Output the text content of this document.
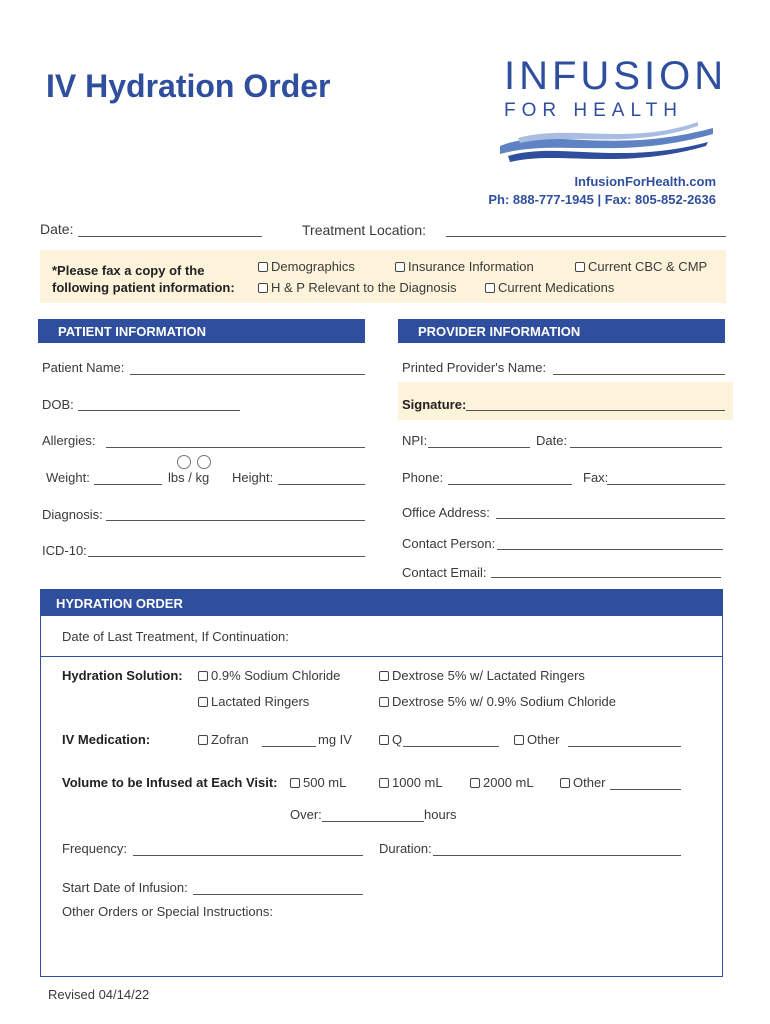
IV Hydration Order	INFUSION
FOR HEALTH
InfusionForHealth.com
Ph: 888-777-1945 | Fax: 805-852-2636
Date:	Treatment Location:
*Please fax a copy of the
following patient information:
Demographics	Insurance Information	Current CBC & CMP
H & P Relevant to the Diagnosis	Current Medications
PATIENT INFORMATION	PROVIDER INFORMATION
Patient Name:
DOB:
Allergies:
Weight:	lbs / kg Height:
Diagnosis:
ICD-10:
Printed Provider's Name:
Signature:
NPI:	Date:
Phone:	Fax:
Office Address:
Contact Person:
Contact Email:
HYDRATION ORDER
Date of Last Treatment, If Continuation:
Hydration Solution:	0.9% Sodium Chloride	Dextrose 5% w/ Lactated Ringers
Lactated Ringers	Dextrose 5% w/ 0.9% Sodium Chloride
IV Medication:	Zofran	mg IV	Q	Other
Volume to be Infused at Each Visit:	500 mL	1000 mL	2000 mL	Other
Over:	hours
Frequency:	Duration:
Start Date of Infusion:
Other Orders or Special Instructions:
Revised 04/14/22
